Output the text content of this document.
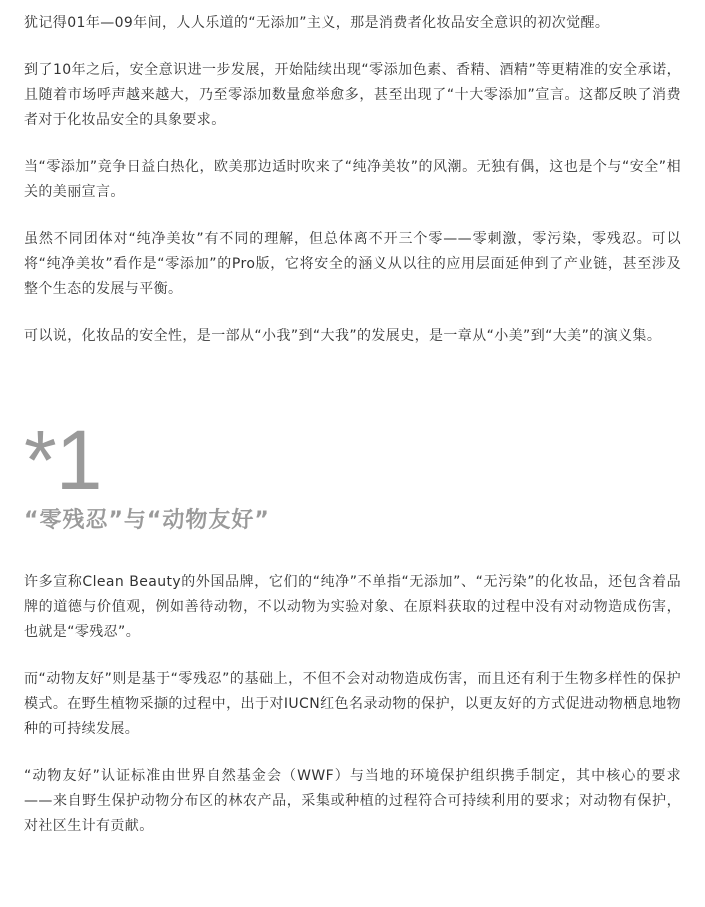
犹记得01年—09年间，人人乐道的“无添加”主义，那是消费者化妆品安全意识的初次觉醒。

到了10年之后，安全意识进一步发展，开始陆续出现“零添加色素、香精、酒精”等更精准的安全承诺，且随着市场呼声越来越大，乃至零添加数量愈举愈多，甚至出现了“十大零添加”宣言。这都反映了消费者对于化妆品安全的具象要求。

当“零添加”竞争日益白热化，欧美那边适时吹来了“纯净美妆”的风潮。无独有偶，这也是个与“安全”相关的美丽宣言。

虽然不同团体对“纯净美妆”有不同的理解，但总体离不开三个零——零刺激，零污染，零残忍。可以将“纯净美妆”看作是“零添加”的Pro版，它将安全的涵义从以往的应用层面延伸到了产业链，甚至涉及整个生态的发展与平衡。

可以说，化妆品的安全性，是一部从“小我”到“大我”的发展史，是一章从“小美”到“大美”的演义集。

*1
“零残忍”与“动物友好”

许多宣称Clean Beauty的外国品牌，它们的“纯净”不单指“无添加”、“无污染”的化妆品，还包含着品牌的道德与价值观，例如善待动物，不以动物为实验对象、在原料获取的过程中没有对动物造成伤害，也就是“零残忍”。

而“动物友好”则是基于“零残忍”的基础上，不但不会对动物造成伤害，而且还有利于生物多样性的保护模式。在野生植物采撷的过程中，出于对IUCN红色名录动物的保护，以更友好的方式促进动物栖息地物种的可持续发展。

“动物友好”认证标准由世界自然基金会（WWF）与当地的环境保护组织携手制定，其中核心的要求——来自野生保护动物分布区的林农产品，采集或种植的过程符合可持续利用的要求；对动物有保护，对社区生计有贡献。
